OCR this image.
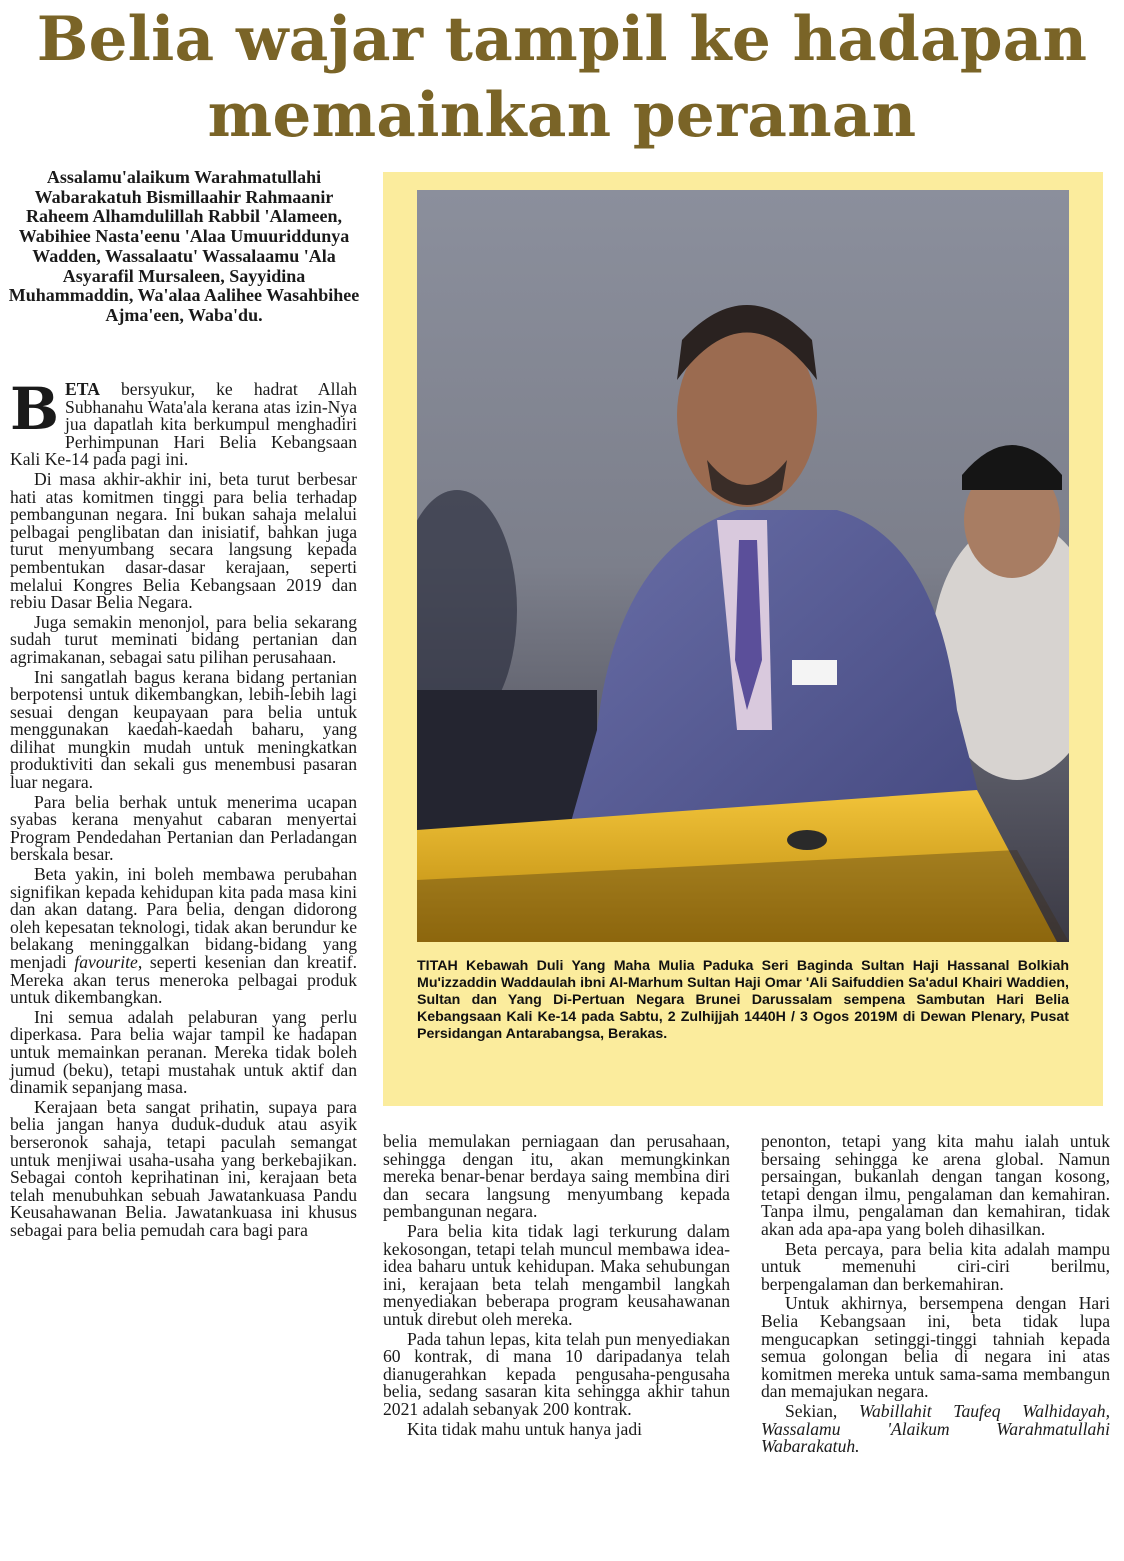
Belia wajar tampil ke hadapan
memainkan peranan
Assalamu'alaikum Warahmatullahi Wabarakatuh Bismillaahir Rahmaanir Raheem Alhamdulillah Rabbil 'Alameen, Wabihiee Nasta'eenu 'Alaa Umuuriddunya Wadden, Wassalaatu' Wassalaamu 'Ala Asyarafil Mursaleen, Sayyidina Muhammaddin, Wa'alaa Aalihee Wasahbihee Ajma'een, Waba'du.

BETA bersyukur, ke hadrat Allah Subhanahu Wata'ala kerana atas izin-Nya jua dapatlah kita berkumpul menghadiri Perhimpunan Hari Belia Kebangsaan Kali Ke-14 pada pagi ini.

Di masa akhir-akhir ini, beta turut berbesar hati atas komitmen tinggi para belia terhadap pembangunan negara. Ini bukan sahaja melalui pelbagai penglibatan dan inisiatif, bahkan juga turut menyumbang secara langsung kepada pembentukan dasar-dasar kerajaan, seperti melalui Kongres Belia Kebangsaan 2019 dan rebiu Dasar Belia Negara.

Juga semakin menonjol, para belia sekarang sudah turut meminati bidang pertanian dan agrimakanan, sebagai satu pilihan perusahaan.

Ini sangatlah bagus kerana bidang pertanian berpotensi untuk dikembangkan, lebih-lebih lagi sesuai dengan keupayaan para belia untuk menggunakan kaedah-kaedah baharu, yang dilihat mungkin mudah untuk meningkatkan produktiviti dan sekali gus menembusi pasaran luar negara.

Para belia berhak untuk menerima ucapan syabas kerana menyahut cabaran menyertai Program Pendedahan Pertanian dan Perladangan berskala besar.

Beta yakin, ini boleh membawa perubahan signifikan kepada kehidupan kita pada masa kini dan akan datang. Para belia, dengan didorong oleh kepesatan teknologi, tidak akan berundur ke belakang meninggalkan bidang-bidang yang menjadi favourite, seperti kesenian dan kreatif. Mereka akan terus meneroka pelbagai produk untuk dikembangkan.

Ini semua adalah pelaburan yang perlu diperkasa. Para belia wajar tampil ke hadapan untuk memainkan peranan. Mereka tidak boleh jumud (beku), tetapi mustahak untuk aktif dan dinamik sepanjang masa.

Kerajaan beta sangat prihatin, supaya para belia jangan hanya duduk-duduk atau asyik berseronok sahaja, tetapi paculah semangat untuk menjiwai usaha-usaha yang berkebajikan. Sebagai contoh keprihatinan ini, kerajaan beta telah menubuhkan sebuah Jawatankuasa Pandu Keusahawanan Belia. Jawatankuasa ini khusus sebagai para belia pemudah cara bagi para

TITAH Kebawah Duli Yang Maha Mulia Paduka Seri Baginda Sultan Haji Hassanal Bolkiah Mu'izzaddin Waddaulah ibni Al-Marhum Sultan Haji Omar 'Ali Saifuddien Sa'adul Khairi Waddien, Sultan dan Yang Di-Pertuan Negara Brunei Darussalam sempena Sambutan Hari Belia Kebangsaan Kali Ke-14 pada Sabtu, 2 Zulhijjah 1440H / 3 Ogos 2019M di Dewan Plenary, Pusat Persidangan Antarabangsa, Berakas.

belia memulakan perniagaan dan perusahaan, sehingga dengan itu, akan memungkinkan mereka benar-benar berdaya saing membina diri dan secara langsung menyumbang kepada pembangunan negara.

Para belia kita tidak lagi terkurung dalam kekosongan, tetapi telah muncul membawa idea-idea baharu untuk kehidupan. Maka sehubungan ini, kerajaan beta telah mengambil langkah menyediakan beberapa program keusahawanan untuk direbut oleh mereka.

Pada tahun lepas, kita telah pun menyediakan 60 kontrak, di mana 10 daripadanya telah dianugerahkan kepada pengusaha-pengusaha belia, sedang sasaran kita sehingga akhir tahun 2021 adalah sebanyak 200 kontrak.

Kita tidak mahu untuk hanya jadi

penonton, tetapi yang kita mahu ialah untuk bersaing sehingga ke arena global. Namun persaingan, bukanlah dengan tangan kosong, tetapi dengan ilmu, pengalaman dan kemahiran. Tanpa ilmu, pengalaman dan kemahiran, tidak akan ada apa-apa yang boleh dihasilkan.

Beta percaya, para belia kita adalah mampu untuk memenuhi ciri-ciri berilmu, berpengalaman dan berkemahiran.

Untuk akhirnya, bersempena dengan Hari Belia Kebangsaan ini, beta tidak lupa mengucapkan setinggi-tinggi tahniah kepada semua golongan belia di negara ini atas komitmen mereka untuk sama-sama membangun dan memajukan negara.

Sekian, Wabillahit Taufeq Walhidayah, Wassalamu 'Alaikum Warahmatullahi Wabarakatuh.
